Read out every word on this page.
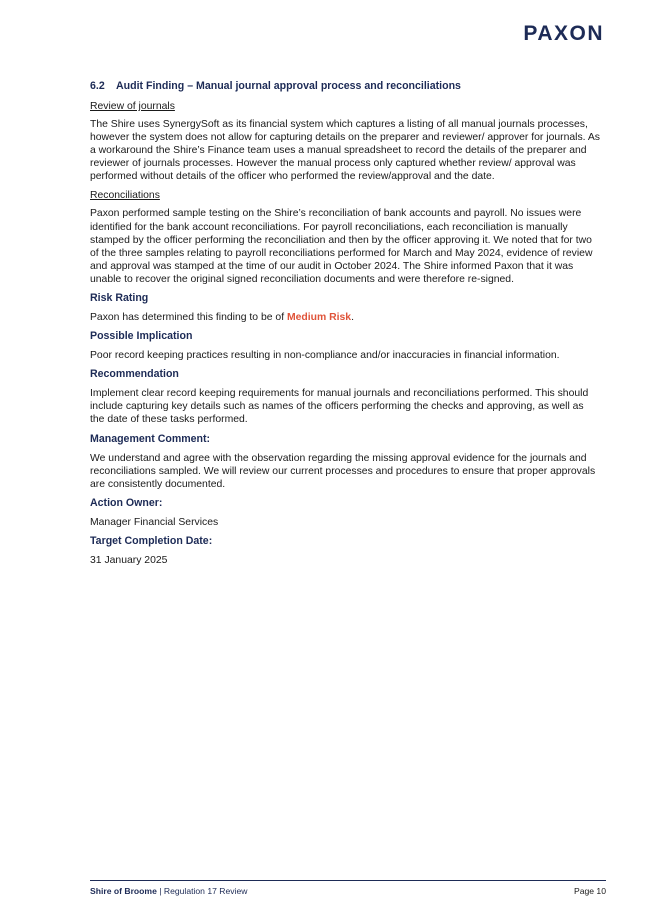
PAXON
6.2 Audit Finding – Manual journal approval process and reconciliations
Review of journals

The Shire uses SynergySoft as its financial system which captures a listing of all manual journals processes, however the system does not allow for capturing details on the preparer and reviewer/ approver for journals. As a workaround the Shire’s Finance team uses a manual spreadsheet to record the details of the preparer and reviewer of journals processes. However the manual process only captured whether review/ approval was performed without details of the officer who performed the review/approval and the date.

Reconciliations

Paxon performed sample testing on the Shire’s reconciliation of bank accounts and payroll. No issues were identified for the bank account reconciliations. For payroll reconciliations, each reconciliation is manually stamped by the officer performing the reconciliation and then by the officer approving it. We noted that for two of the three samples relating to payroll reconciliations performed for March and May 2024, evidence of review and approval was stamped at the time of our audit in October 2024. The Shire informed Paxon that it was unable to recover the original signed reconciliation documents and were therefore re-signed.

Risk Rating

Paxon has determined this finding to be of Medium Risk.

Possible Implication

Poor record keeping practices resulting in non-compliance and/or inaccuracies in financial information.

Recommendation

Implement clear record keeping requirements for manual journals and reconciliations performed. This should include capturing key details such as names of the officers performing the checks and approving, as well as the date of these tasks performed.

Management Comment:

We understand and agree with the observation regarding the missing approval evidence for the journals and reconciliations sampled. We will review our current processes and procedures to ensure that proper approvals are consistently documented.

Action Owner:

Manager Financial Services

Target Completion Date:

31 January 2025

Shire of Broome | Regulation 17 Review	Page 10
